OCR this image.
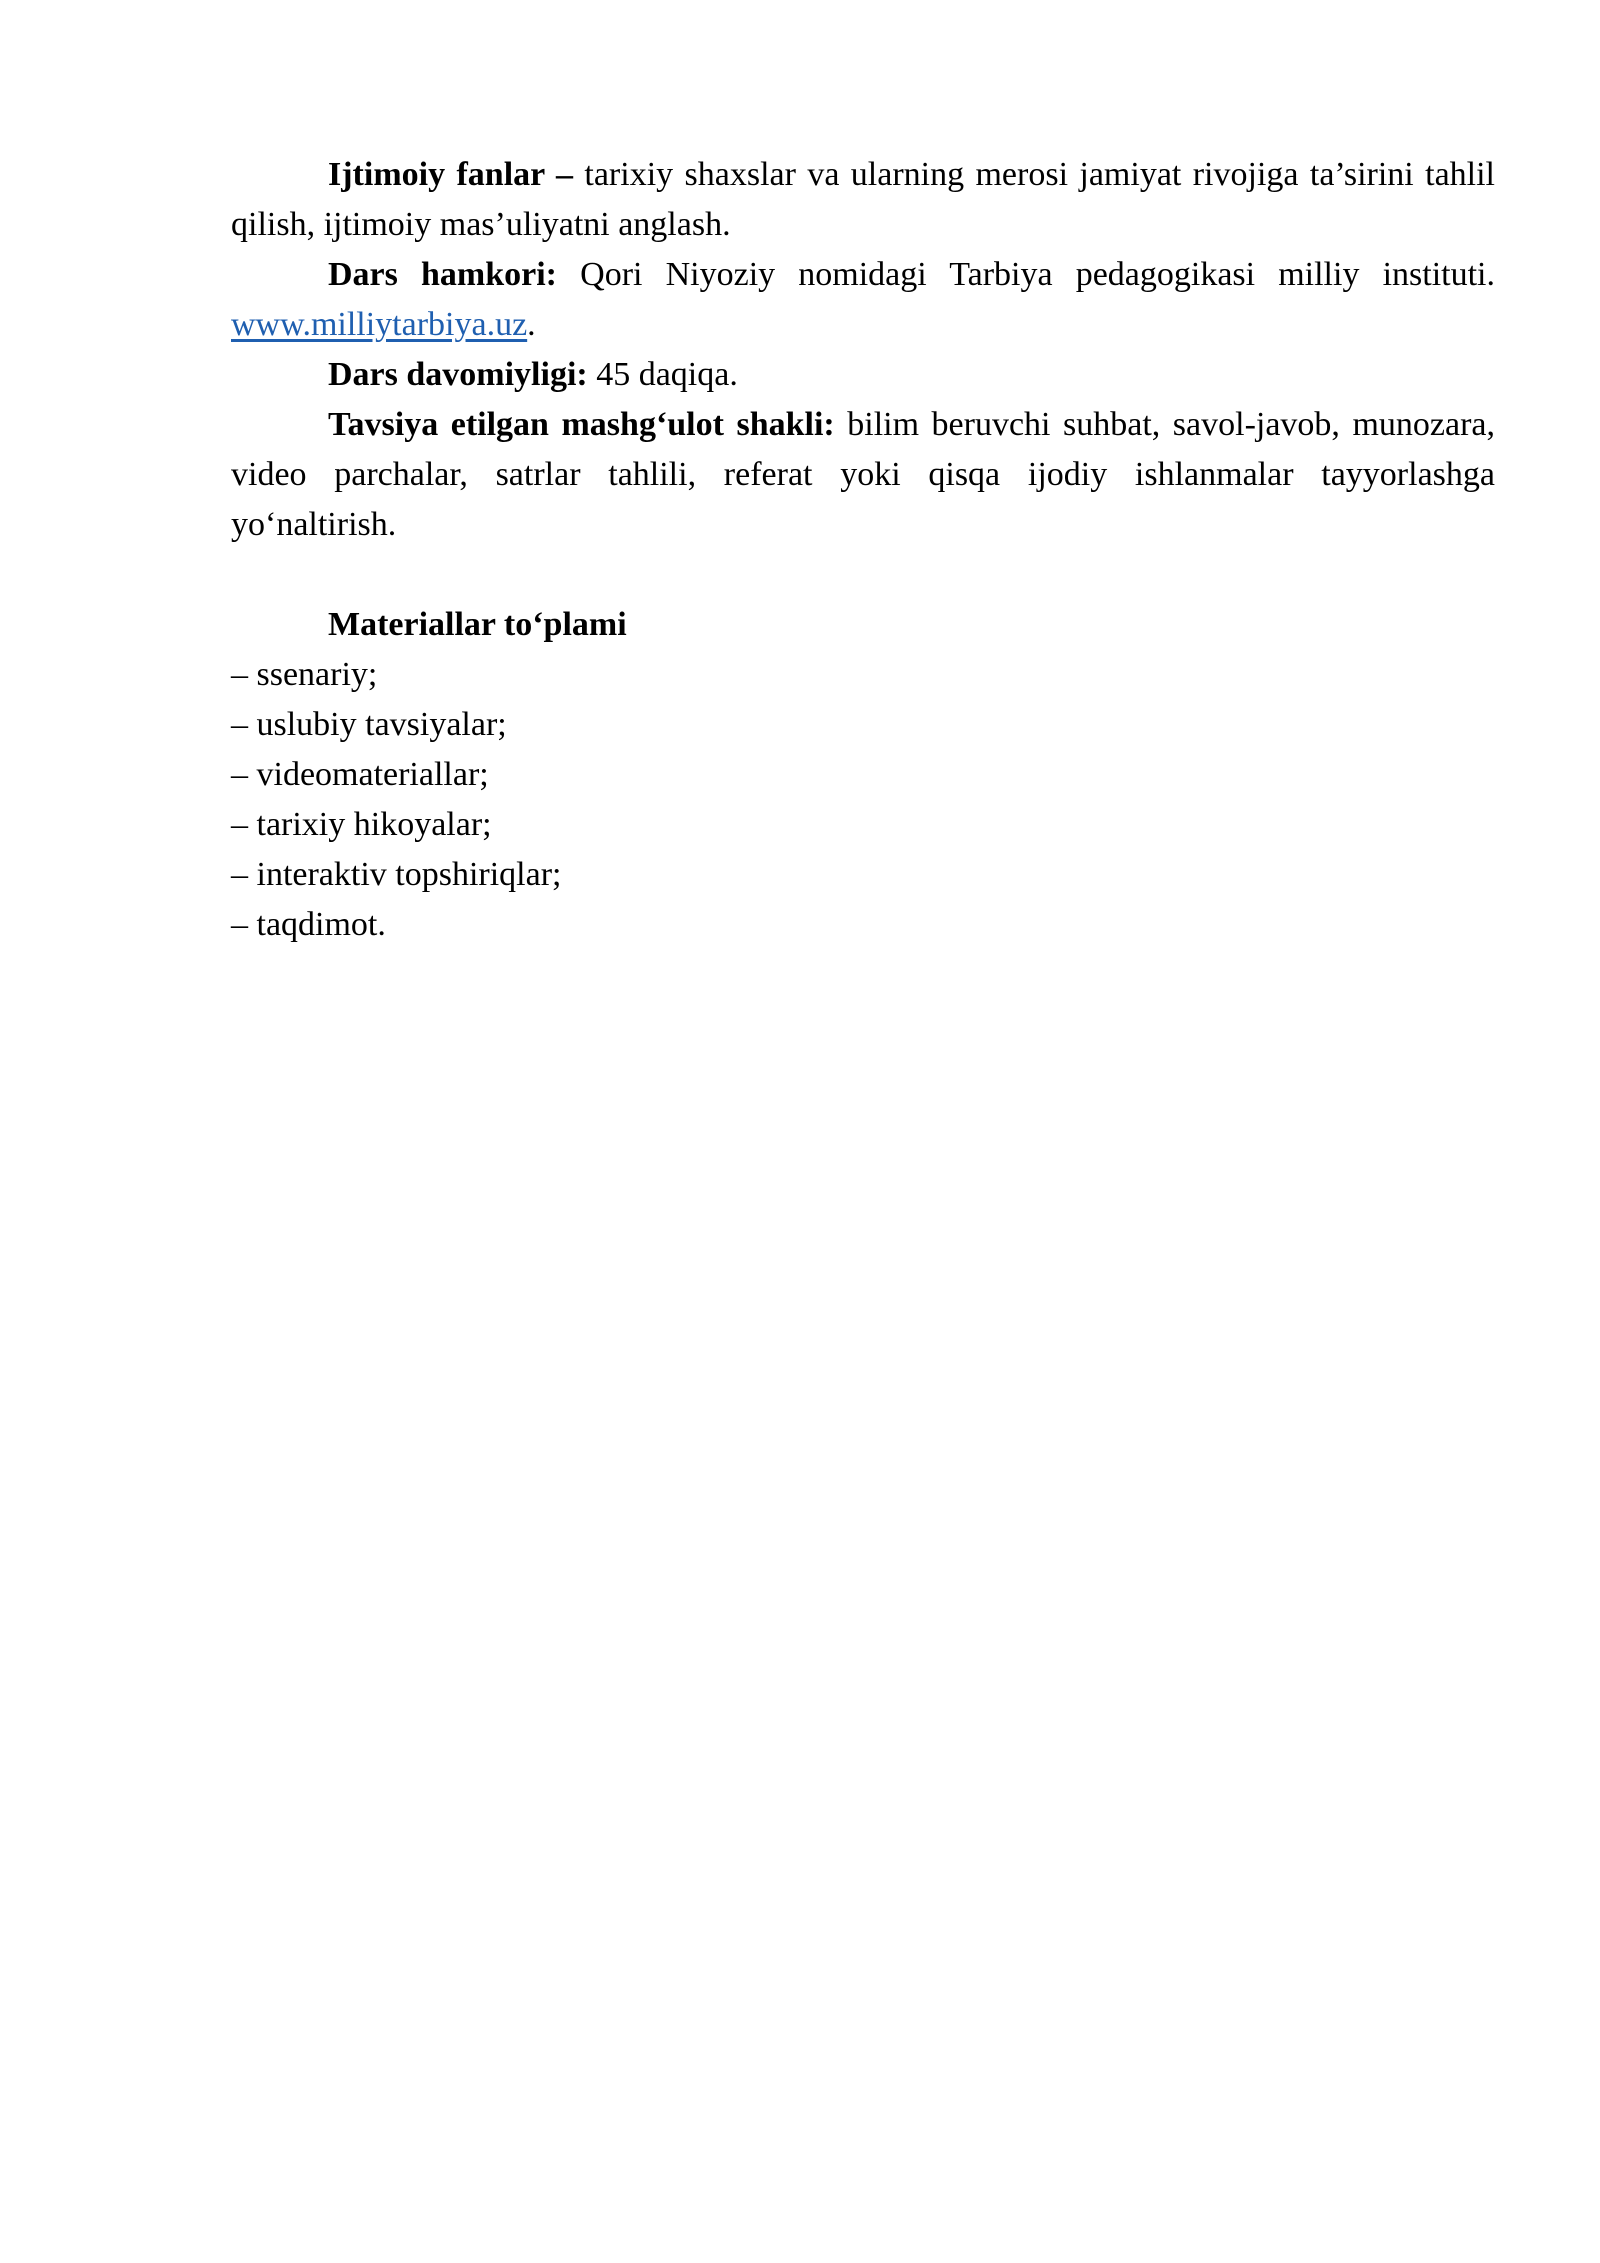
Ijtimoiy fanlar – tarixiy shaxslar va ularning merosi jamiyat rivojiga ta’sirini tahlil qilish, ijtimoiy mas’uliyatni anglash.

Dars hamkori: Qori Niyoziy nomidagi Tarbiya pedagogikasi milliy instituti. www.milliytarbiya.uz.

Dars davomiyligi: 45 daqiqa.

Tavsiya etilgan mashg‘ulot shakli: bilim beruvchi suhbat, savol-javob, munozara, video parchalar, satrlar tahlili, referat yoki qisqa ijodiy ishlanmalar tayyorlashga yo‘naltirish.

Materiallar to‘plami

– ssenariy;
– uslubiy tavsiyalar;
– videomateriallar;
– tarixiy hikoyalar;
– interaktiv topshiriqlar;
– taqdimot.
